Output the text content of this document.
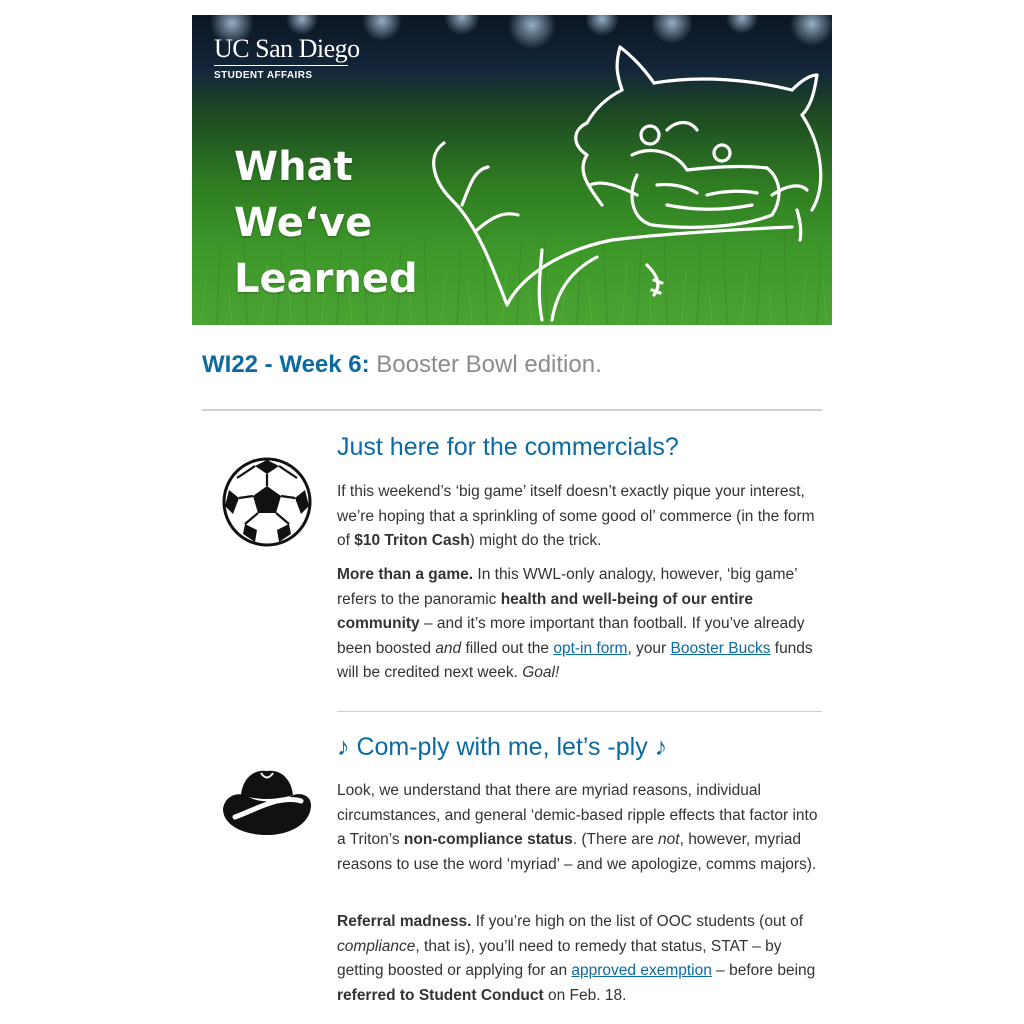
UC San Diego
STUDENT AFFAIRS
What
We‘ve
Learned
WI22 - Week 6: Booster Bowl edition.
Just here for the commercials?
If this weekend’s ‘big game’ itself doesn’t exactly pique your interest, we’re hoping that a sprinkling of some good ol’ commerce (in the form of $10 Triton Cash) might do the trick.
More than a game. In this WWL-only analogy, however, ‘big game’ refers to the panoramic health and well-being of our entire community – and it’s more important than football. If you’ve already been boosted and filled out the opt-in form, your Booster Bucks funds will be credited next week. Goal!
♪ Com-ply with me, let’s -ply ♪
Look, we understand that there are myriad reasons, individual circumstances, and general ‘demic-based ripple effects that factor into a Triton’s non-compliance status. (There are not, however, myriad reasons to use the word ‘myriad’ – and we apologize, comms majors).
Referral madness. If you’re high on the list of OOC students (out of compliance, that is), you’ll need to remedy that status, STAT – by getting boosted or applying for an approved exemption – before being referred to Student Conduct on Feb. 18.
